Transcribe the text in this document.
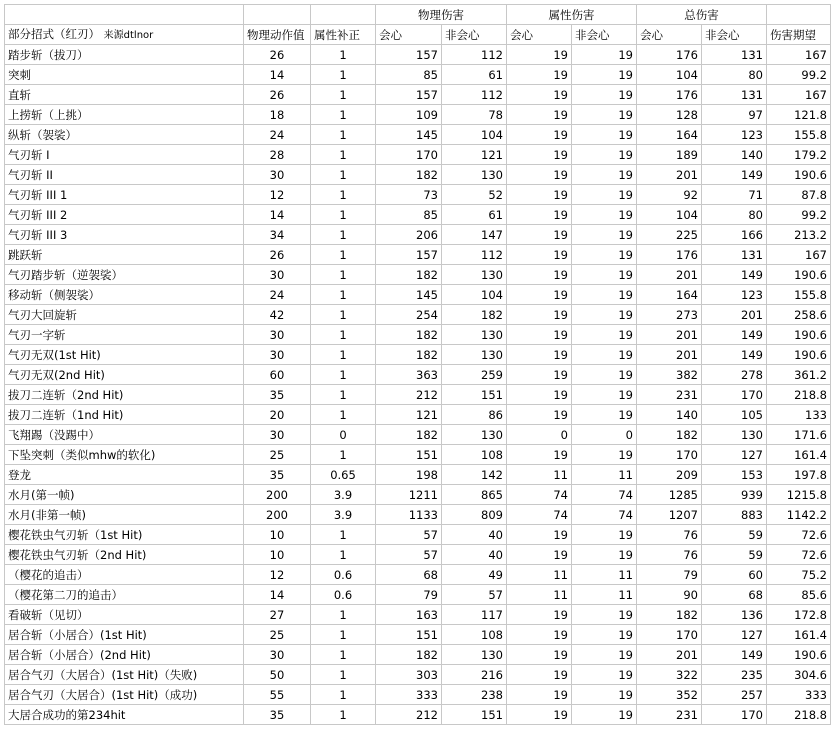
			物理伤害		属性伤害		总伤害		
部分招式（红刃） 来源dtlnor	物理动作值	属性补正	会心	非会心	会心	非会心	会心	非会心	伤害期望
踏步斩（拔刀）	26	1	157	112	19	19	176	131	167
突刺	14	1	85	61	19	19	104	80	99.2
直斩	26	1	157	112	19	19	176	131	167
上捞斩（上挑）	18	1	109	78	19	19	128	97	121.8
纵斩（袈裟）	24	1	145	104	19	19	164	123	155.8
气刃斩 I	28	1	170	121	19	19	189	140	179.2
气刃斩 II	30	1	182	130	19	19	201	149	190.6
气刃斩 III 1	12	1	73	52	19	19	92	71	87.8
气刃斩 III 2	14	1	85	61	19	19	104	80	99.2
气刃斩 III 3	34	1	206	147	19	19	225	166	213.2
跳跃斩	26	1	157	112	19	19	176	131	167
气刃踏步斩（逆袈裟）	30	1	182	130	19	19	201	149	190.6
移动斩（侧袈裟）	24	1	145	104	19	19	164	123	155.8
气刃大回旋斩	42	1	254	182	19	19	273	201	258.6
气刃一字斩	30	1	182	130	19	19	201	149	190.6
气刃无双(1st Hit)	30	1	182	130	19	19	201	149	190.6
气刃无双(2nd Hit)	60	1	363	259	19	19	382	278	361.2
拔刀二连斩（2nd Hit)	35	1	212	151	19	19	231	170	218.8
拔刀二连斩（1nd Hit)	20	1	121	86	19	19	140	105	133
飞翔踢（没踢中）	30	0	182	130	0	0	182	130	171.6
下坠突刺（类似mhw的软化)	25	1	151	108	19	19	170	127	161.4
登龙	35	0.65	198	142	11	11	209	153	197.8
水月(第一帧)	200	3.9	1211	865	74	74	1285	939	1215.8
水月(非第一帧)	200	3.9	1133	809	74	74	1207	883	1142.2
樱花铁虫气刃斩（1st Hit)	10	1	57	40	19	19	76	59	72.6
樱花铁虫气刃斩（2nd Hit)	10	1	57	40	19	19	76	59	72.6
（樱花的追击）	12	0.6	68	49	11	11	79	60	75.2
（樱花第二刀的追击）	14	0.6	79	57	11	11	90	68	85.6
看破斩（见切）	27	1	163	117	19	19	182	136	172.8
居合斩（小居合）(1st Hit)	25	1	151	108	19	19	170	127	161.4
居合斩（小居合）(2nd Hit)	30	1	182	130	19	19	201	149	190.6
居合气刃（大居合）(1st Hit)（失败)	50	1	303	216	19	19	322	235	304.6
居合气刃（大居合）(1st Hit)（成功)	55	1	333	238	19	19	352	257	333
大居合成功的第234hit	35	1	212	151	19	19	231	170	218.8
